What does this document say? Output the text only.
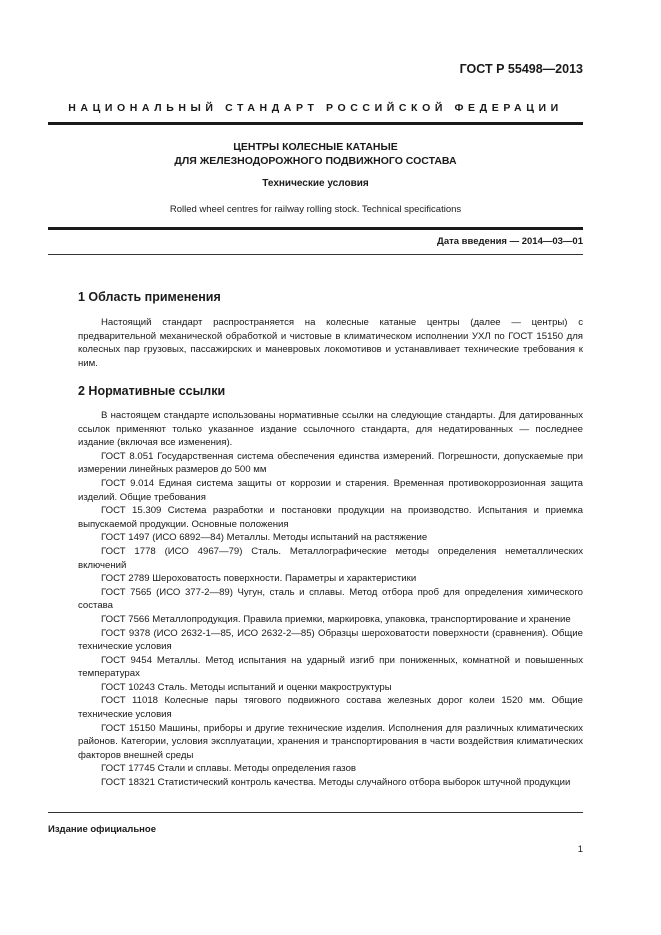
ГОСТ Р 55498—2013

НАЦИОНАЛЬНЫЙ СТАНДАРТ РОССИЙСКОЙ ФЕДЕРАЦИИ

ЦЕНТРЫ КОЛЕСНЫЕ КАТАНЫЕ

ДЛЯ ЖЕЛЕЗНОДОРОЖНОГО ПОДВИЖНОГО СОСТАВА

Технические условия

Rolled wheel centres for railway rolling stock. Technical specifications

Дата введения — 2014—03—01

1 Область применения

Настоящий стандарт распространяется на колесные катаные центры (далее — центры) с предварительной механической обработкой и чистовые в климатическом исполнении УХЛ по ГОСТ 15150 для колесных пар грузовых, пассажирских и маневровых локомотивов и устанавливает технические требования к ним.

2 Нормативные ссылки

В настоящем стандарте использованы нормативные ссылки на следующие стандарты. Для датированных ссылок применяют только указанное издание ссылочного стандарта, для недатированных — последнее издание (включая все изменения).

ГОСТ 8.051 Государственная система обеспечения единства измерений. Погрешности, допускаемые при измерении линейных размеров до 500 мм

ГОСТ 9.014 Единая система защиты от коррозии и старения. Временная противокоррозионная защита изделий. Общие требования

ГОСТ 15.309 Система разработки и постановки продукции на производство. Испытания и приемка выпускаемой продукции. Основные положения

ГОСТ 1497 (ИСО 6892—84) Металлы. Методы испытаний на растяжение

ГОСТ 1778 (ИСО 4967—79) Сталь. Металлографические методы определения неметаллических включений

ГОСТ 2789 Шероховатость поверхности. Параметры и характеристики

ГОСТ 7565 (ИСО 377-2—89) Чугун, сталь и сплавы. Метод отбора проб для определения химического состава

ГОСТ 7566 Металлопродукция. Правила приемки, маркировка, упаковка, транспортирование и хранение

ГОСТ 9378 (ИСО 2632-1—85, ИСО 2632-2—85) Образцы шероховатости поверхности (сравнения). Общие технические условия

ГОСТ 9454 Металлы. Метод испытания на ударный изгиб при пониженных, комнатной и повышенных температурах

ГОСТ 10243 Сталь. Методы испытаний и оценки макроструктуры

ГОСТ 11018 Колесные пары тягового подвижного состава железных дорог колеи 1520 мм. Общие технические условия

ГОСТ 15150 Машины, приборы и другие технические изделия. Исполнения для различных климатических районов. Категории, условия эксплуатации, хранения и транспортирования в части воздействия климатических факторов внешней среды

ГОСТ 17745 Стали и сплавы. Методы определения газов

ГОСТ 18321 Статистический контроль качества. Методы случайного отбора выборок штучной продукции

Издание официальное

1
